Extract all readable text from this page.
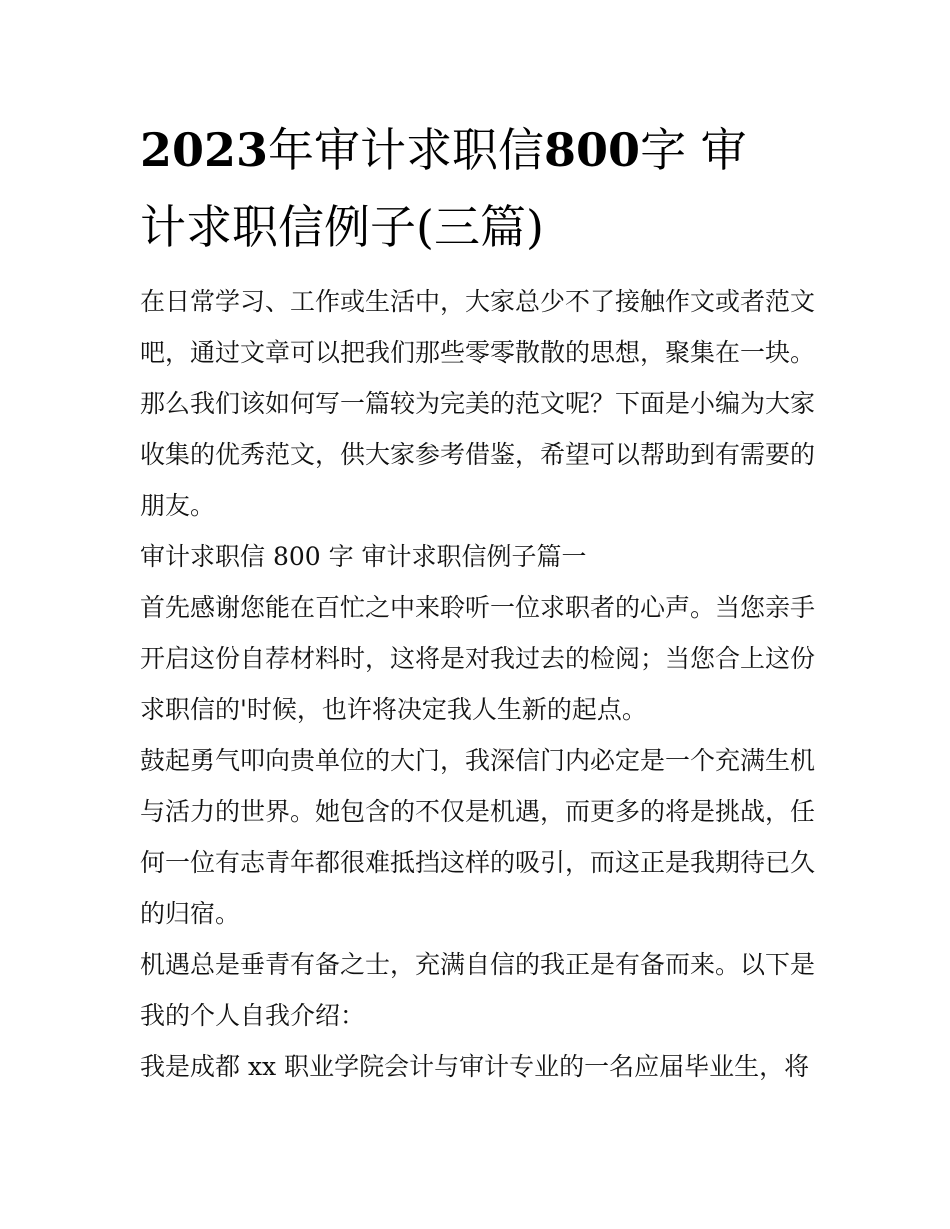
2023年审计求职信800字 审
计求职信例子(三篇)

在日常学习、工作或生活中，大家总少不了接触作文或者范文吧，通过文章可以把我们那些零零散散的思想，聚集在一块。那么我们该如何写一篇较为完美的范文呢？下面是小编为大家收集的优秀范文，供大家参考借鉴，希望可以帮助到有需要的朋友。

审计求职信 800 字 审计求职信例子篇一

首先感谢您能在百忙之中来聆听一位求职者的心声。当您亲手开启这份自荐材料时，这将是对我过去的检阅；当您合上这份求职信的'时候，也许将决定我人生新的起点。

鼓起勇气叩向贵单位的大门，我深信门内必定是一个充满生机与活力的世界。她包含的不仅是机遇，而更多的将是挑战，任何一位有志青年都很难抵挡这样的吸引，而这正是我期待已久的归宿。

机遇总是垂青有备之士，充满自信的我正是有备而来。以下是我的个人自我介绍：

我是成都 xx 职业学院会计与审计专业的一名应届毕业生，将
